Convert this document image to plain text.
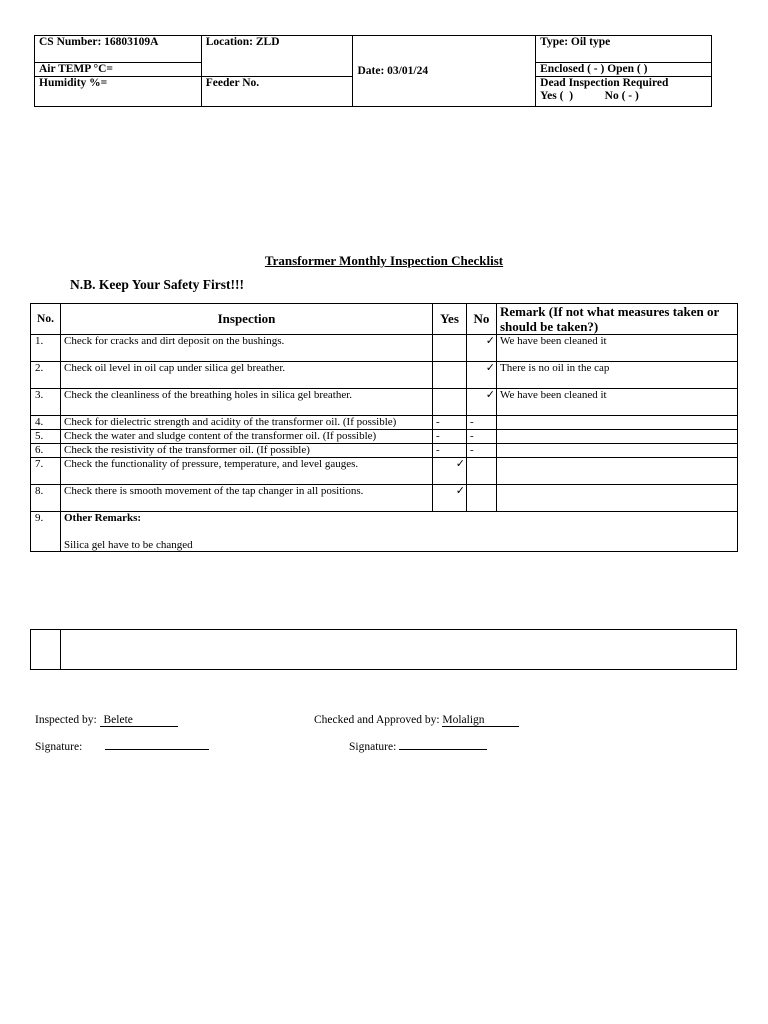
CS Number: 16803109A	Location: ZLD	Date: 03/01/24	Type: Oil type
Air TEMP °C=			Enclosed ( - ) Open ( )
Humidity %=	Feeder No.		Dead Inspection Required
Yes (  )           No ( - )
Transformer Monthly Inspection Checklist
N.B. Keep Your Safety First!!!
No.	Inspection	Yes	No	Remark (If not what measures taken or should be taken?)
1.	Check for cracks and dirt deposit on the bushings.		✓	We have been cleaned it
2.	Check oil level in oil cap under silica gel breather.		✓	There is no oil in the cap
3.	Check the cleanliness of the breathing holes in silica gel breather.		✓	We have been cleaned it
4.	Check for dielectric strength and acidity of the transformer oil. (If possible)	-	-	
5.	Check the water and sludge content of the transformer oil. (If possible)	-	-	
6.	Check the resistivity of the transformer oil. (If possible)	-	-	
7.	Check the functionality of pressure, temperature, and level gauges.	✓		
8.	Check there is smooth movement of the tap changer in all positions.	✓		
9.	Other Remarks:
Silica gel have to be changed			

Inspected by: Belete	Checked and Approved by: Molalign
Signature:	Signature:
